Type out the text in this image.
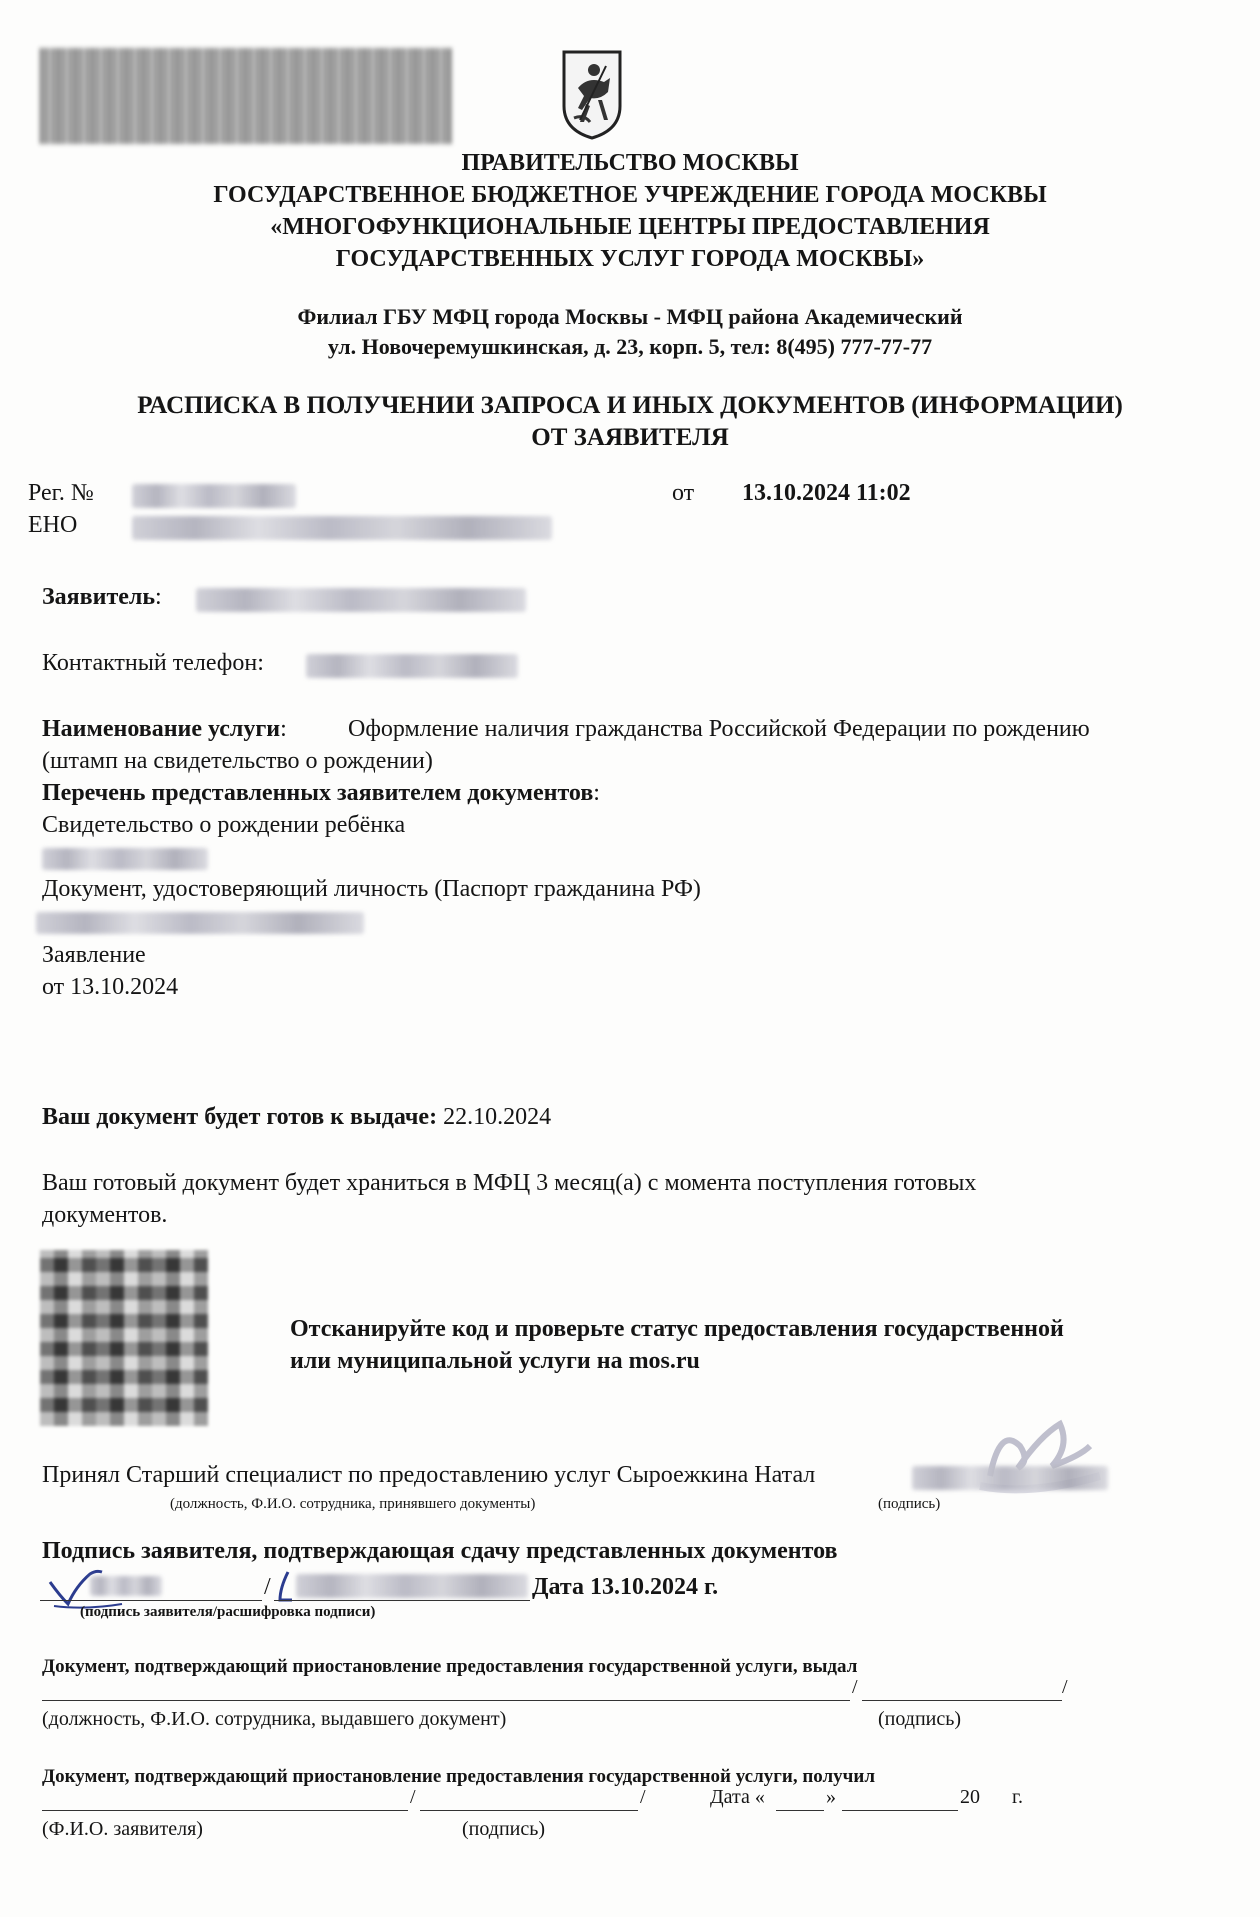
ПРАВИТЕЛЬСТВО МОСКВЫ
ГОСУДАРСТВЕННОЕ БЮДЖЕТНОЕ УЧРЕЖДЕНИЕ ГОРОДА МОСКВЫ
«МНОГОФУНКЦИОНАЛЬНЫЕ ЦЕНТРЫ ПРЕДОСТАВЛЕНИЯ
ГОСУДАРСТВЕННЫХ УСЛУГ ГОРОДА МОСКВЫ»
Филиал ГБУ МФЦ города Москвы - МФЦ района Академический
ул. Новочеремушкинская, д. 23, корп. 5, тел: 8(495) 777-77-77
РАСПИСКА В ПОЛУЧЕНИИ ЗАПРОСА И ИНЫХ ДОКУМЕНТОВ (ИНФОРМАЦИИ)
ОТ ЗАЯВИТЕЛЯ
Рег. №	от 13.10.2024 11:02
ЕНО
Заявитель:
Контактный телефон:
Наименование услуги:	Оформление наличия гражданства Российской Федерации по рождению
(штамп на свидетельство о рождении)
Перечень представленных заявителем документов:
Свидетельство о рождении ребёнка
Документ, удостоверяющий личность (Паспорт гражданина РФ)
Заявление
от 13.10.2024
Ваш документ будет готов к выдаче: 22.10.2024
Ваш готовый документ будет храниться в МФЦ 3 месяц(а) с момента поступления готовых
документов.
Отсканируйте код и проверьте статус предоставления государственной
или муниципальной услуги на mos.ru
Принял Старший специалист по предоставлению услуг Сыроежкина Натал
(должность, Ф.И.О. сотрудника, принявшего документы)	(подпись)
Подпись заявителя, подтверждающая сдачу представленных документов
/	Дата 13.10.2024 г.
(подпись заявителя/расшифровка подписи)
Документ, подтверждающий приостановление предоставления государственной услуги, выдал
/	/
(должность, Ф.И.О. сотрудника, выдавшего документ)	(подпись)
Документ, подтверждающий приостановление предоставления государственной услуги, получил
/	/	Дата «	»	20 г.
(Ф.И.О. заявителя)	(подпись)
